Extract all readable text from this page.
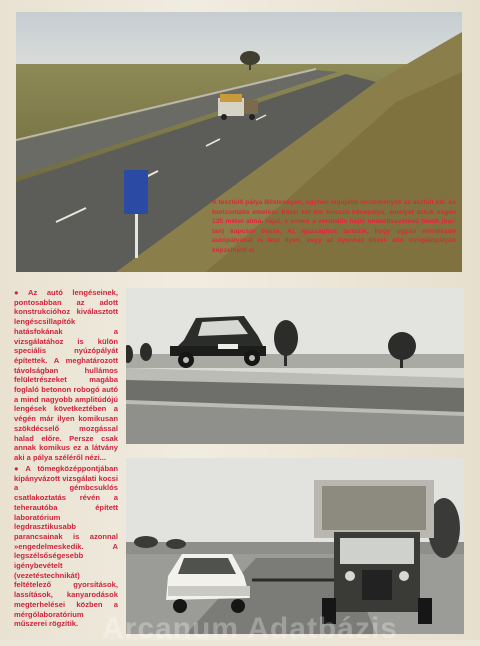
A tesztelő pálya Blisteségén, egyben legújabb lecsémények az aszfalt elk. és horizontális emelési. közel két km hosszú kövepálya, amelyet aztuk végén 135 méter almá- rájul, s ennek a vertikális hajló undorítvezetésű hinok (kar- tan) kapcsol össze. Az igazsághoz tartozik, hogy ugyán mértékadó autópályákat is lesz ilyen, vagy az ilyenhez közel- álló vizsgálópályán képzelhető el
● Az autó lengéseinek, pontosabban az adott konstrukcióhoz kiválasztott lengéscsillapítók hatásfokának a vizsgálatához is külön speciális nyúzópályát építettek. A meghatározott távolságban hullámos felületrészeket magába foglaló betonon robogó autó a mind nagyobb amplitúdójú lengések következtében a végén már ilyen komikusan szökdécselő mozgással halad előre. Persze csak annak komikus ez a látvány aki a pálya széléről nézi...
● A tömegközéppontjában kipányvázott vizsgálati kocsi a gémbcsuklós csatlakoztatás révén a teherautóba épített laboratórium legdrasztikusabb parancsainak is azonnal »engedelmeskedik. A legszélsőségesebb igénybevételt (vezetéstechnikát) feltételező gyorsítások, lassítások, kanyarodások megterhelései közben a mérgólaboratórium műszerei rögzítik. Arcanum Adatbázis
